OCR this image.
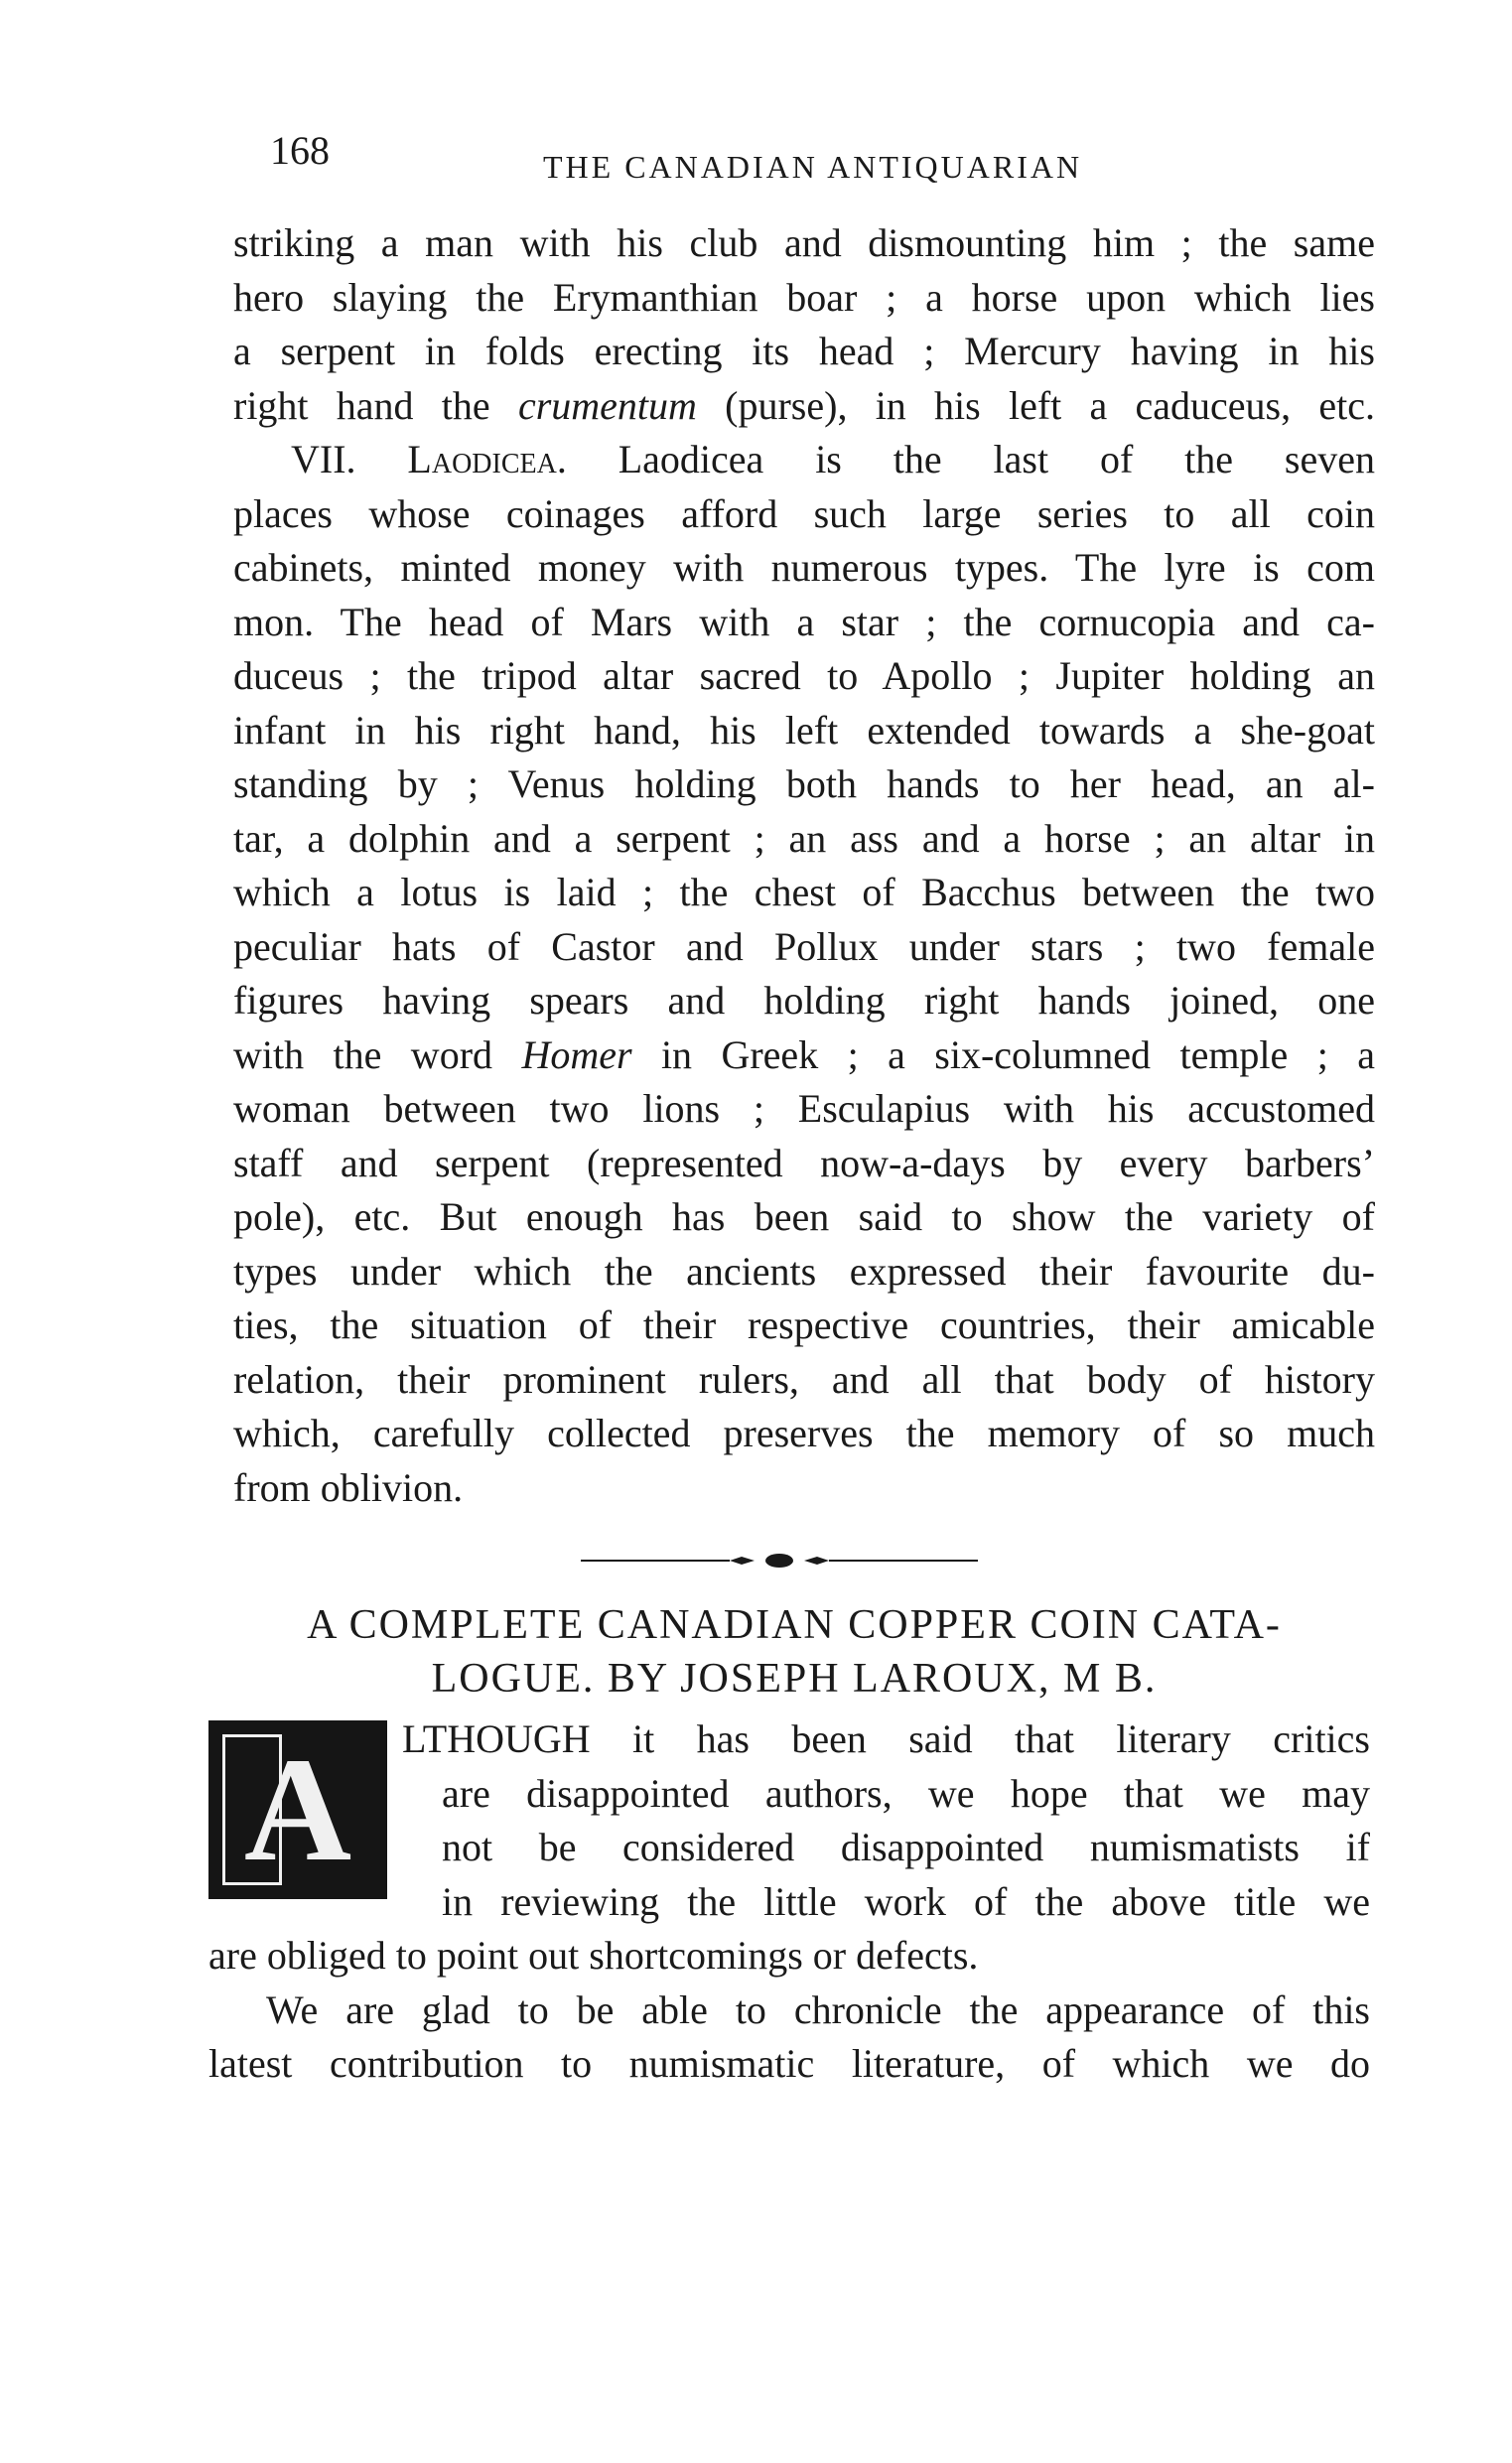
168	THE CANADIAN ANTIQUARIAN
striking a man with his club and dismounting him ; the same
hero slaying the Erymanthian boar ; a horse upon which lies
a serpent in folds erecting its head ; Mercury having in his
right hand the crumentum (purse), in his left a caduceus, etc.
VII. Laodicea. Laodicea is the last of the seven
places whose coinages afford such large series to all coin
cabinets, minted money with numerous types. The lyre is com
mon. The head of Mars with a star ; the cornucopia and ca-
duceus ; the tripod altar sacred to Apollo ; Jupiter holding an
infant in his right hand, his left extended towards a she-goat
standing by ; Venus holding both hands to her head, an al-
tar, a dolphin and a serpent ; an ass and a horse ; an altar in
which a lotus is laid ; the chest of Bacchus between the two
peculiar hats of Castor and Pollux under stars ; two female
figures having spears and holding right hands joined, one
with the word Homer in Greek ; a six-columned temple ; a
woman between two lions ; Esculapius with his accustomed
staff and serpent (represented now-a-days by every barbers’
pole), etc. But enough has been said to show the variety of
types under which the ancients expressed their favourite du-
ties, the situation of their respective countries, their amicable
relation, their prominent rulers, and all that body of history
which, carefully collected preserves the memory of so much
from oblivion.
A COMPLETE CANADIAN COPPER COIN CATA-
LOGUE. BY JOSEPH LAROUX, M B.
A	LTHOUGH it has been said that literary critics
are disappointed authors, we hope that we may
not be considered disappointed numismatists if
in reviewing the little work of the above title we
are obliged to point out shortcomings or defects.
We are glad to be able to chronicle the appearance of this
latest contribution to numismatic literature, of which we do
